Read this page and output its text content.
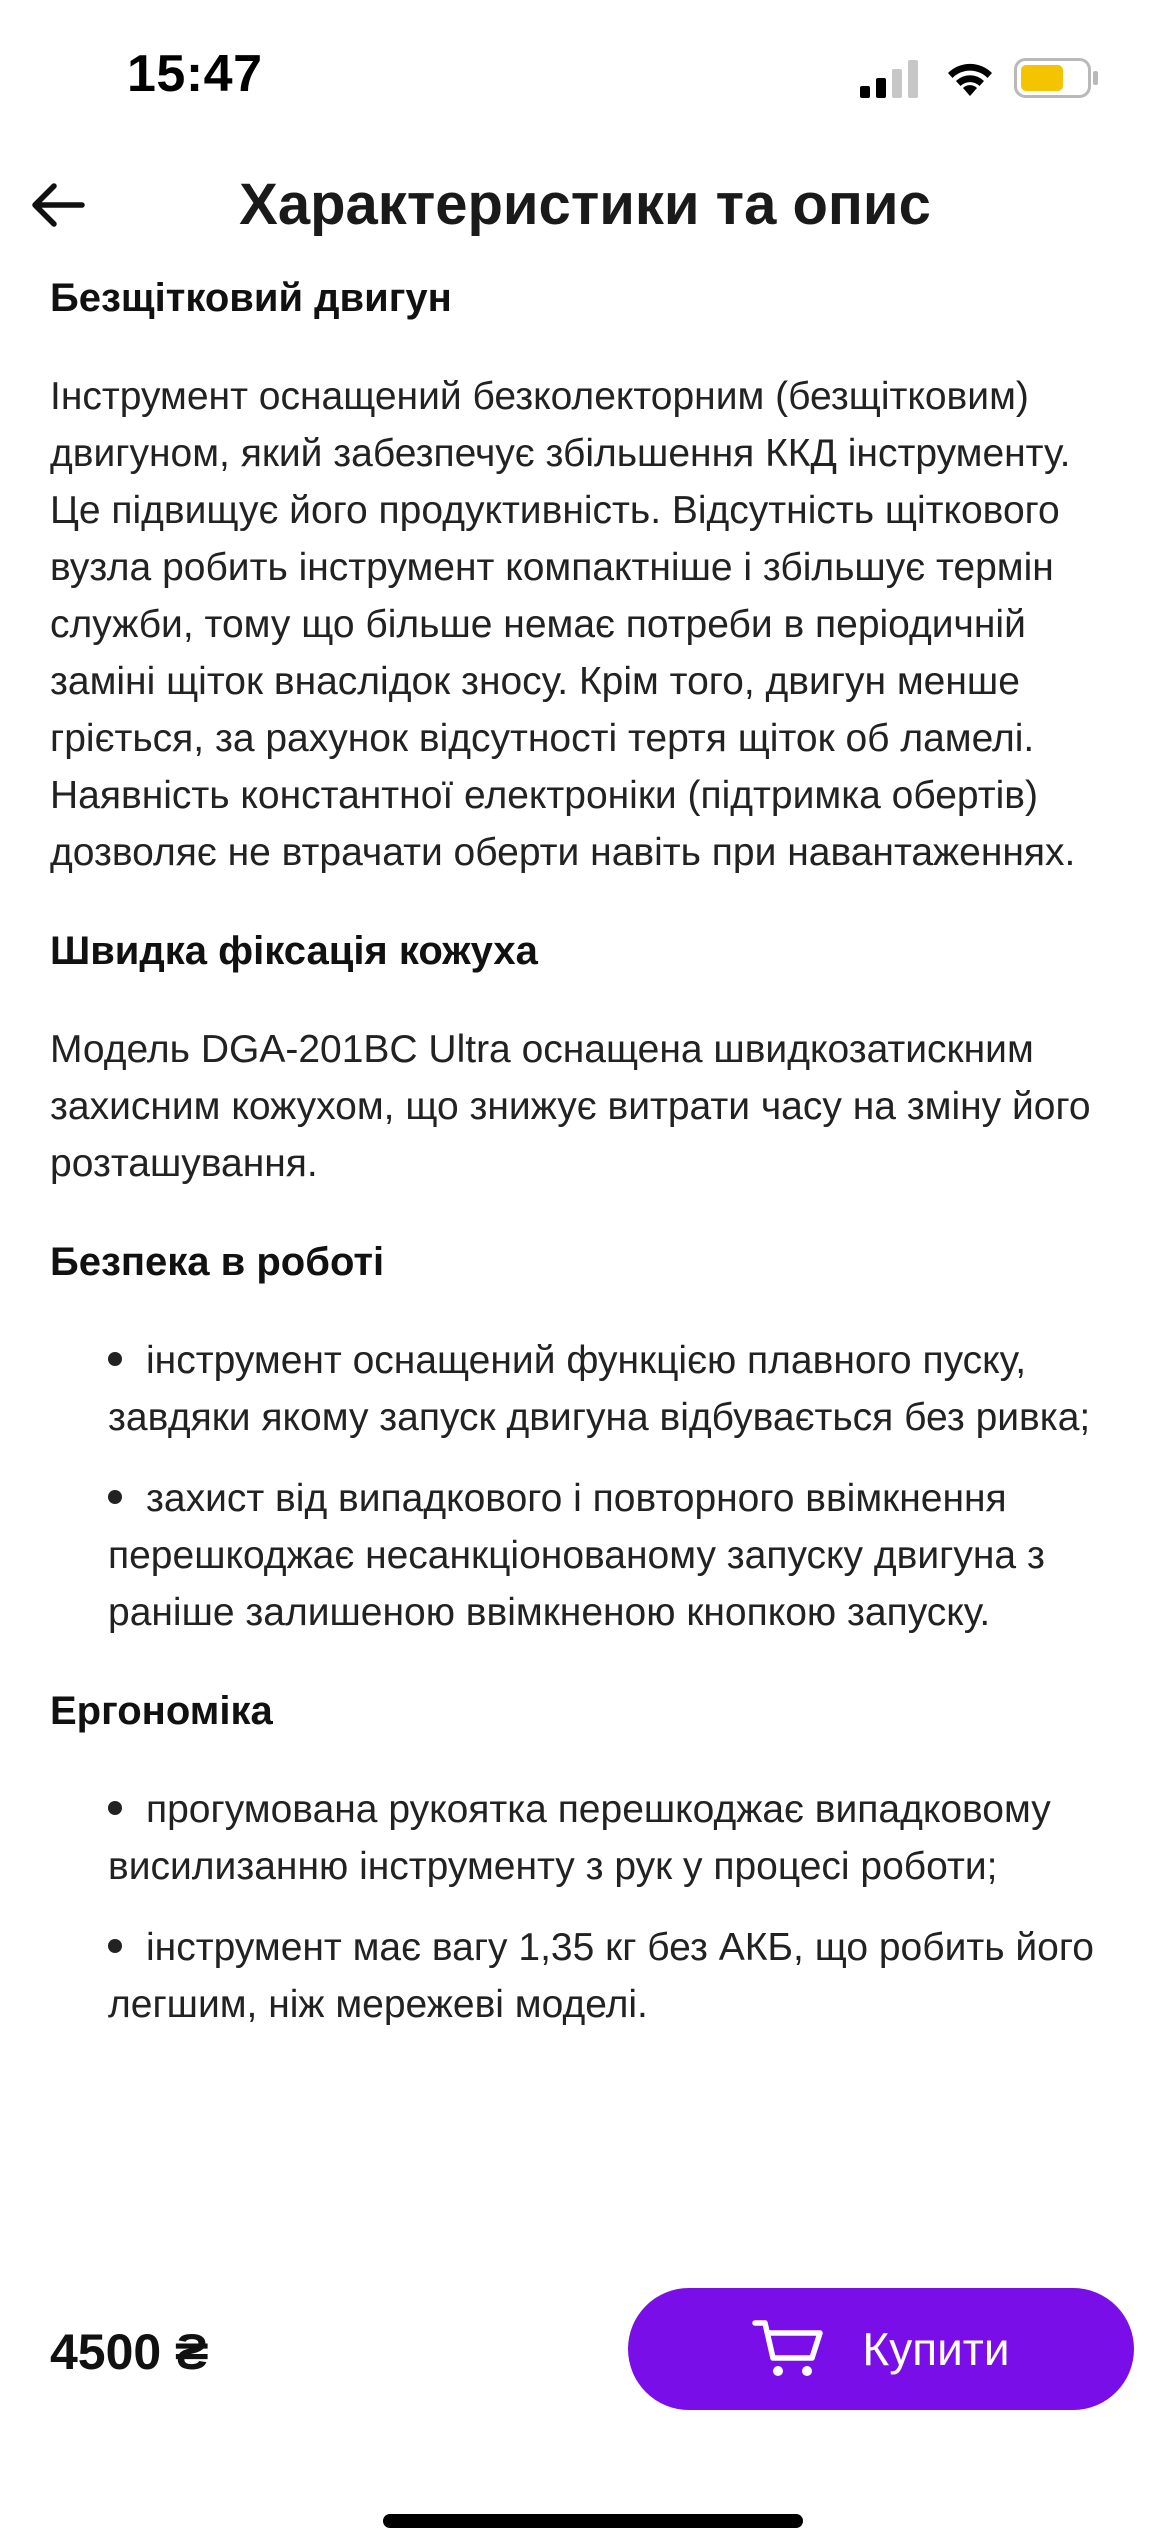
15:47
Характеристики та опис
Безщітковий двигун
Інструмент оснащений безколекторним (безщітковим) двигуном, який забезпечує збільшення ККД інструменту. Це підвищує його продуктивність. Відсутність щіткового вузла робить інструмент компактніше і збільшує термін служби, тому що більше немає потреби в періодичній заміні щіток внаслідок зносу. Крім того, двигун менше гріється, за рахунок відсутності тертя щіток об ламелі. Наявність константної електроніки (підтримка обертів) дозволяє не втрачати оберти навіть при навантаженнях.
Швидка фіксація кожуха
Модель DGA-201BC Ultra оснащена швидкозатискним захисним кожухом, що знижує витрати часу на зміну його розташування.
Безпека в роботі
інструмент оснащений функцією плавного пуску, завдяки якому запуск двигуна відбувається без ривка;
захист від випадкового і повторного ввімкнення перешкоджає несанкціонованому запуску двигуна з раніше залишеною ввімкненою кнопкою запуску.
Ергономіка
прогумована рукоятка перешкоджає випадковому висилизанню інструменту з рук у процесі роботи;
інструмент має вагу 1,35 кг без АКБ, що робить його легшим, ніж мережеві моделі.
4500 ₴	Купити
